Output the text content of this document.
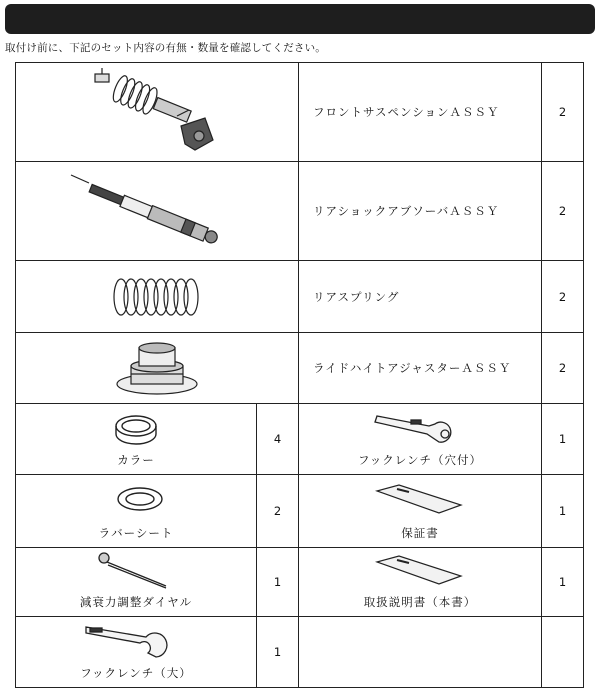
取付け前に、下記のセット内容の有無・数量を確認してください。
	フロントサスペンションＡＳＳＹ	2

	リアショックアブソーバＡＳＳＹ	2

	リアスプリング	2

	ライドハイトアジャスターＡＳＳＹ	2

カラー	4	フックレンチ（穴付）	1

ラバーシート	2	保証書	1

減衰力調整ダイヤル	1	取扱説明書（本書）	1

フックレンチ（大）	1		
